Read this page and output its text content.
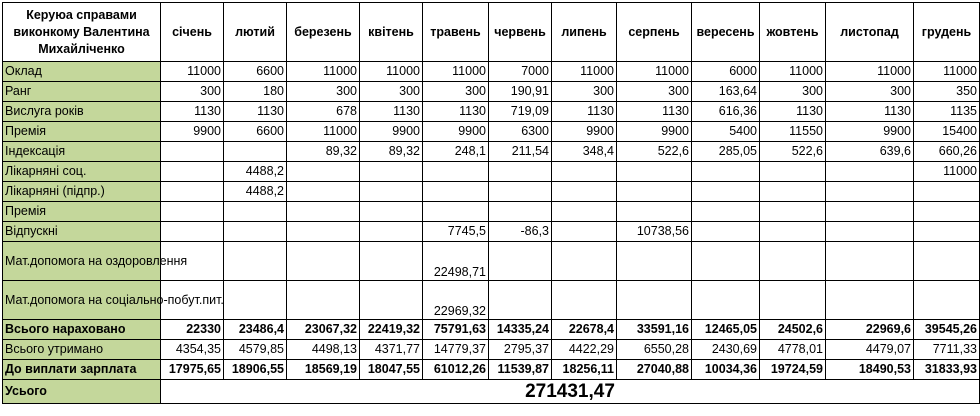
Керуюа справами виконкому Валентина Михайліченко	січень	лютий	березень	квітень	травень	червень	липень	серпень	вересень	жовтень	листопад	грудень
Оклад	11000	6600	11000	11000	11000	7000	11000	11000	6000	11000	11000	11000
Ранг	300	180	300	300	300	190,91	300	300	163,64	300	300	350
Вислуга років	1130	1130	678	1130	1130	719,09	1130	1130	616,36	1130	1130	1135
Премія	9900	6600	11000	9900	9900	6300	9900	9900	5400	11550	9900	15400
Індексація			89,32	89,32	248,1	211,54	348,4	522,6	285,05	522,6	639,6	660,26
Лікарняні соц.		4488,2										11000
Лікарняні (підпр.)		4488,2										
Премія												
Відпускні					7745,5	-86,3		10738,56				
Мат.допомога на оздоровлення					22498,71							
Мат.допомога на соціально-побут.пит.					22969,32							
Всього нараховано	22330	23486,4	23067,32	22419,32	75791,63	14335,24	22678,4	33591,16	12465,05	24502,6	22969,6	39545,26
Всього утримано	4354,35	4579,85	4498,13	4371,77	14779,37	2795,37	4422,29	6550,28	2430,69	4778,01	4479,07	7711,33
До виплати зарплата	17975,65	18906,55	18569,19	18047,55	61012,26	11539,87	18256,11	27040,88	10034,36	19724,59	18490,53	31833,93
Усього	271431,47											
